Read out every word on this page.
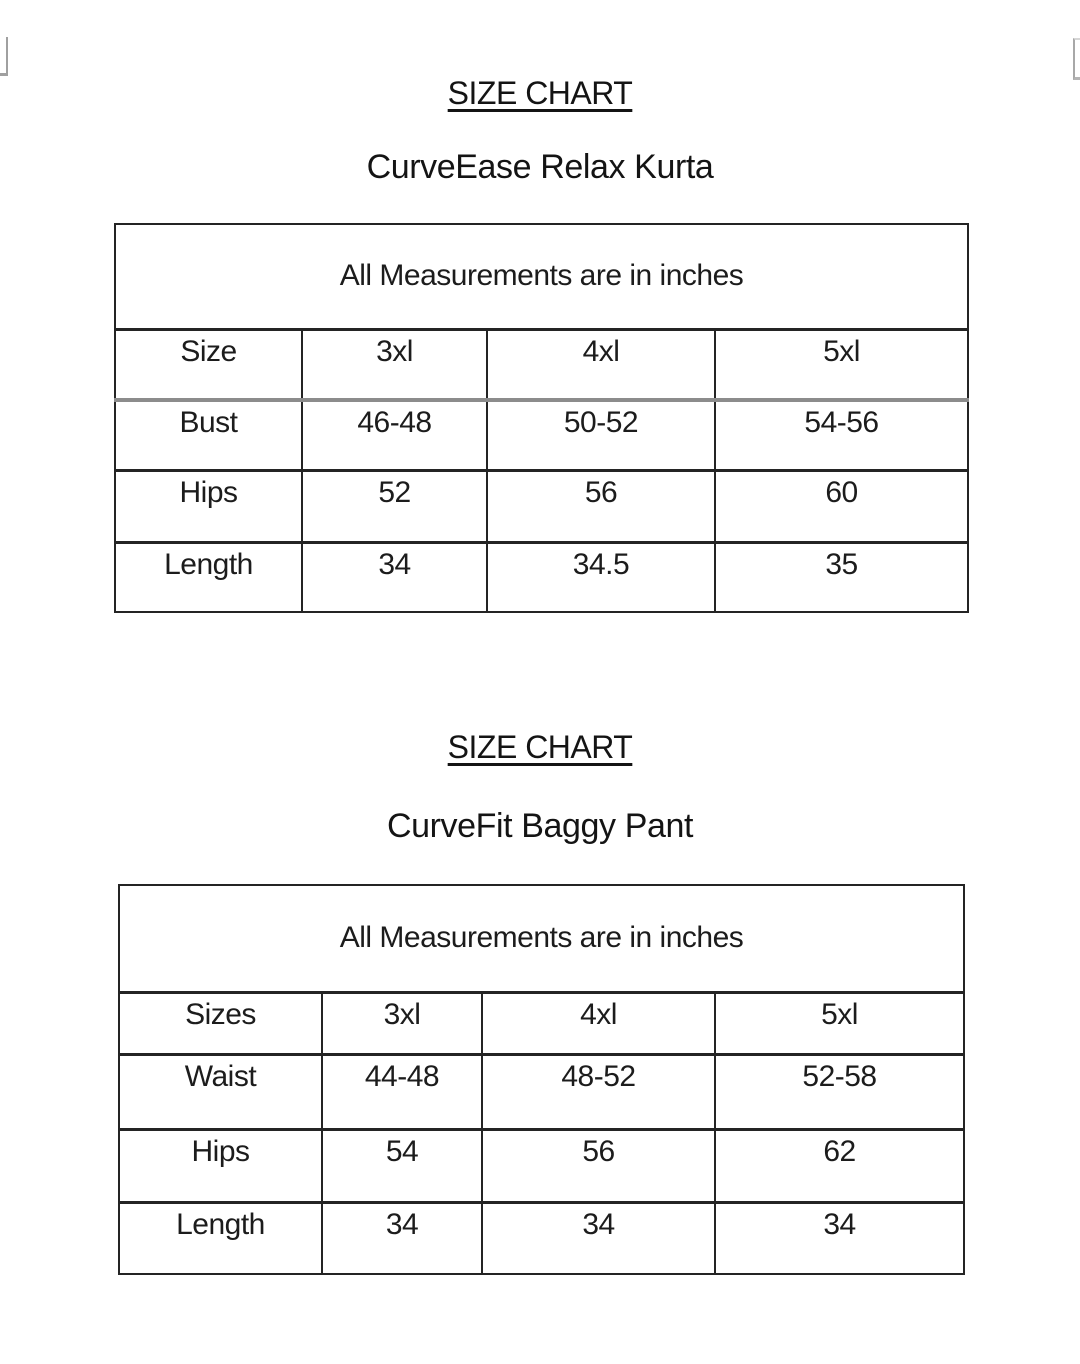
SIZE CHART
CurveEase Relax Kurta
All Measurements are in inches			
Size	3xl	4xl	5xl
Bust	46-48	50-52	54-56
Hips	52	56	60
Length	34	34.5	35
SIZE CHART
CurveFit Baggy Pant
All Measurements are in inches			
Sizes	3xl	4xl	5xl
Waist	44-48	48-52	52-58
Hips	54	56	62
Length	34	34	34
